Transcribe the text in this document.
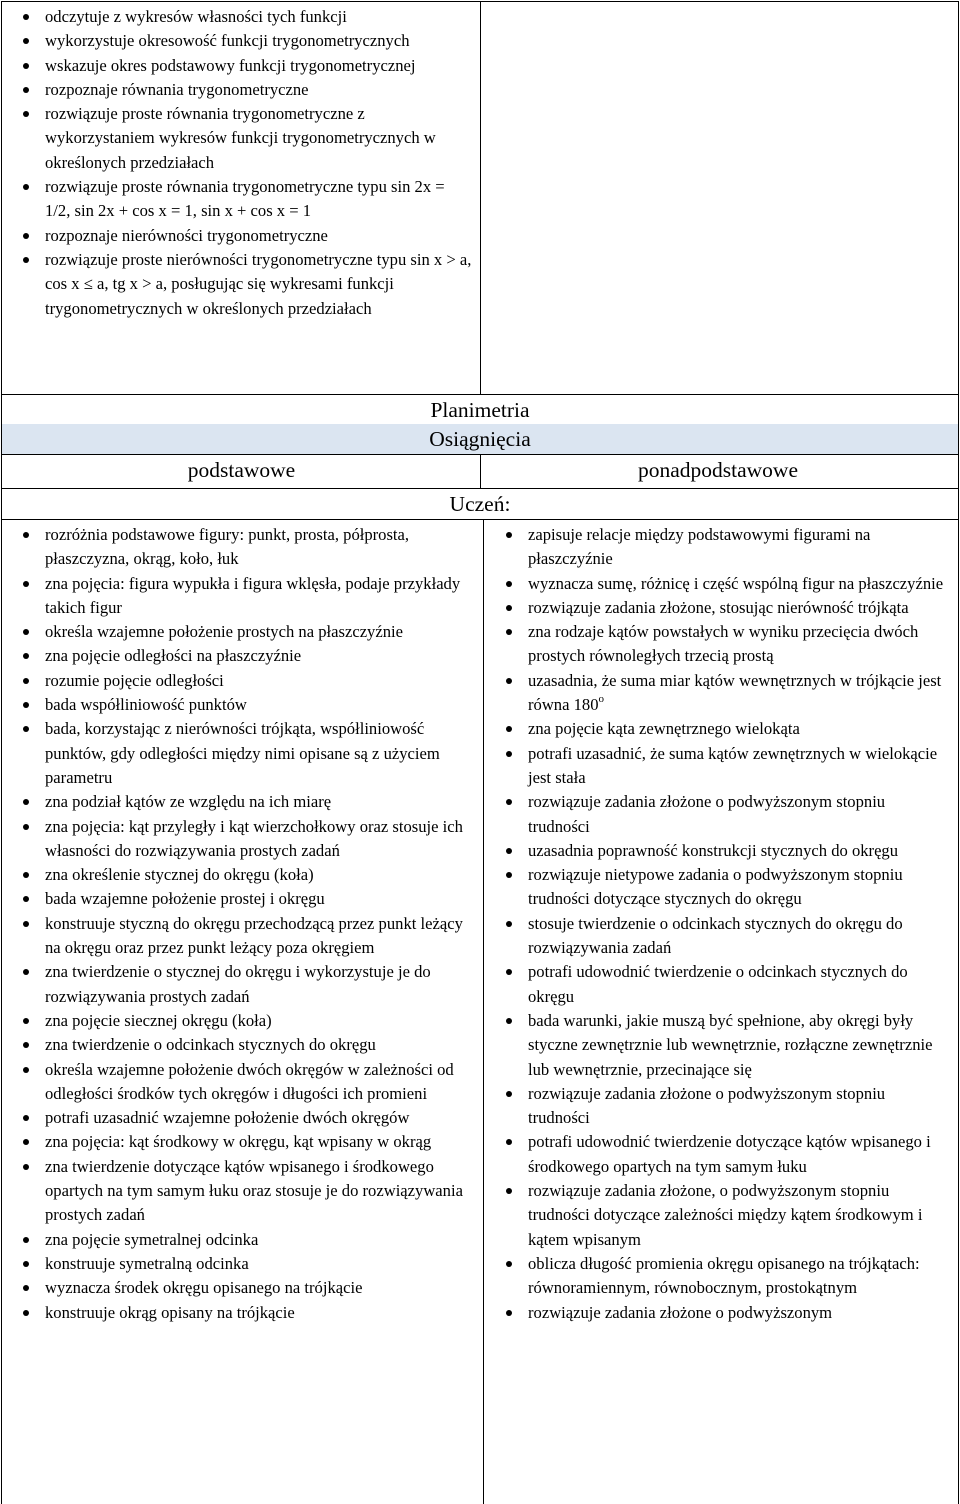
odczytuje z wykresów własności tych funkcji
wykorzystuje okresowość funkcji trygonometrycznych
wskazuje okres podstawowy funkcji trygonometrycznej
rozpoznaje równania trygonometryczne
rozwiązuje proste równania trygonometryczne z wykorzystaniem wykresów funkcji trygonometrycznych w określonych przedziałach
rozwiązuje proste równania trygonometryczne typu sin 2x = 1/2, sin 2x + cos x = 1, sin x + cos x = 1
rozpoznaje nierówności trygonometryczne
rozwiązuje proste nierówności trygonometryczne typu sin x > a, cos x ≤ a, tg x > a, posługując się wykresami funkcji trygonometrycznych w określonych przedziałach
Planimetria
Osiągnięcia
podstawowe	ponadpodstawowe
Uczeń:
rozróżnia podstawowe figury: punkt, prosta, półprosta, płaszczyzna, okrąg, koło, łuk
zna pojęcia: figura wypukła i figura wklęsła, podaje przykłady takich figur
określa wzajemne położenie prostych na płaszczyźnie
zna pojęcie odległości na płaszczyźnie
rozumie pojęcie odległości
bada współliniowość punktów
bada, korzystając z nierówności trójkąta, współliniowość punktów, gdy odległości między nimi opisane są z użyciem parametru
zna podział kątów ze względu na ich miarę
zna pojęcia: kąt przyległy i kąt wierzchołkowy oraz stosuje ich własności do rozwiązywania prostych zadań
zna określenie stycznej do okręgu (koła)
bada wzajemne położenie prostej i okręgu
konstruuje styczną do okręgu przechodzącą przez punkt leżący na okręgu oraz przez punkt leżący poza okręgiem
zna twierdzenie o stycznej do okręgu i wykorzystuje je do rozwiązywania prostych zadań
zna pojęcie siecznej okręgu (koła)
zna twierdzenie o odcinkach stycznych do okręgu
określa wzajemne położenie dwóch okręgów w zależności od odległości środków tych okręgów i długości ich promieni
potrafi uzasadnić wzajemne położenie dwóch okręgów
zna pojęcia: kąt środkowy w okręgu, kąt wpisany w okrąg
zna twierdzenie dotyczące kątów wpisanego i środkowego opartych na tym samym łuku oraz stosuje je do rozwiązywania prostych zadań
zna pojęcie symetralnej odcinka
konstruuje symetralną odcinka
wyznacza środek okręgu opisanego na trójkącie
konstruuje okrąg opisany na trójkącie
zapisuje relacje między podstawowymi figurami na płaszczyźnie
wyznacza sumę, różnicę i część wspólną figur na płaszczyźnie
rozwiązuje zadania złożone, stosując nierówność trójkąta
zna rodzaje kątów powstałych w wyniku przecięcia dwóch prostych równoległych trzecią prostą
uzasadnia, że suma miar kątów wewnętrznych w trójkącie jest równa 180$^o$
zna pojęcie kąta zewnętrznego wielokąta
potrafi uzasadnić, że suma kątów zewnętrznych w wielokącie jest stała
rozwiązuje zadania złożone o podwyższonym stopniu trudności
uzasadnia poprawność konstrukcji stycznych do okręgu
rozwiązuje nietypowe zadania o podwyższonym stopniu trudności dotyczące stycznych do okręgu
stosuje twierdzenie o odcinkach stycznych do okręgu do rozwiązywania zadań
potrafi udowodnić twierdzenie o odcinkach stycznych do okręgu
bada warunki, jakie muszą być spełnione, aby okręgi były styczne zewnętrznie lub wewnętrznie, rozłączne zewnętrznie lub wewnętrznie, przecinające się
rozwiązuje zadania złożone o podwyższonym stopniu trudności
potrafi udowodnić twierdzenie dotyczące kątów wpisanego i środkowego opartych na tym samym łuku
rozwiązuje zadania złożone, o podwyższonym stopniu trudności dotyczące zależności między kątem środkowym i kątem wpisanym
oblicza długość promienia okręgu opisanego na trójkątach: równoramiennym, równobocznym, prostokątnym
rozwiązuje zadania złożone o podwyższonym
